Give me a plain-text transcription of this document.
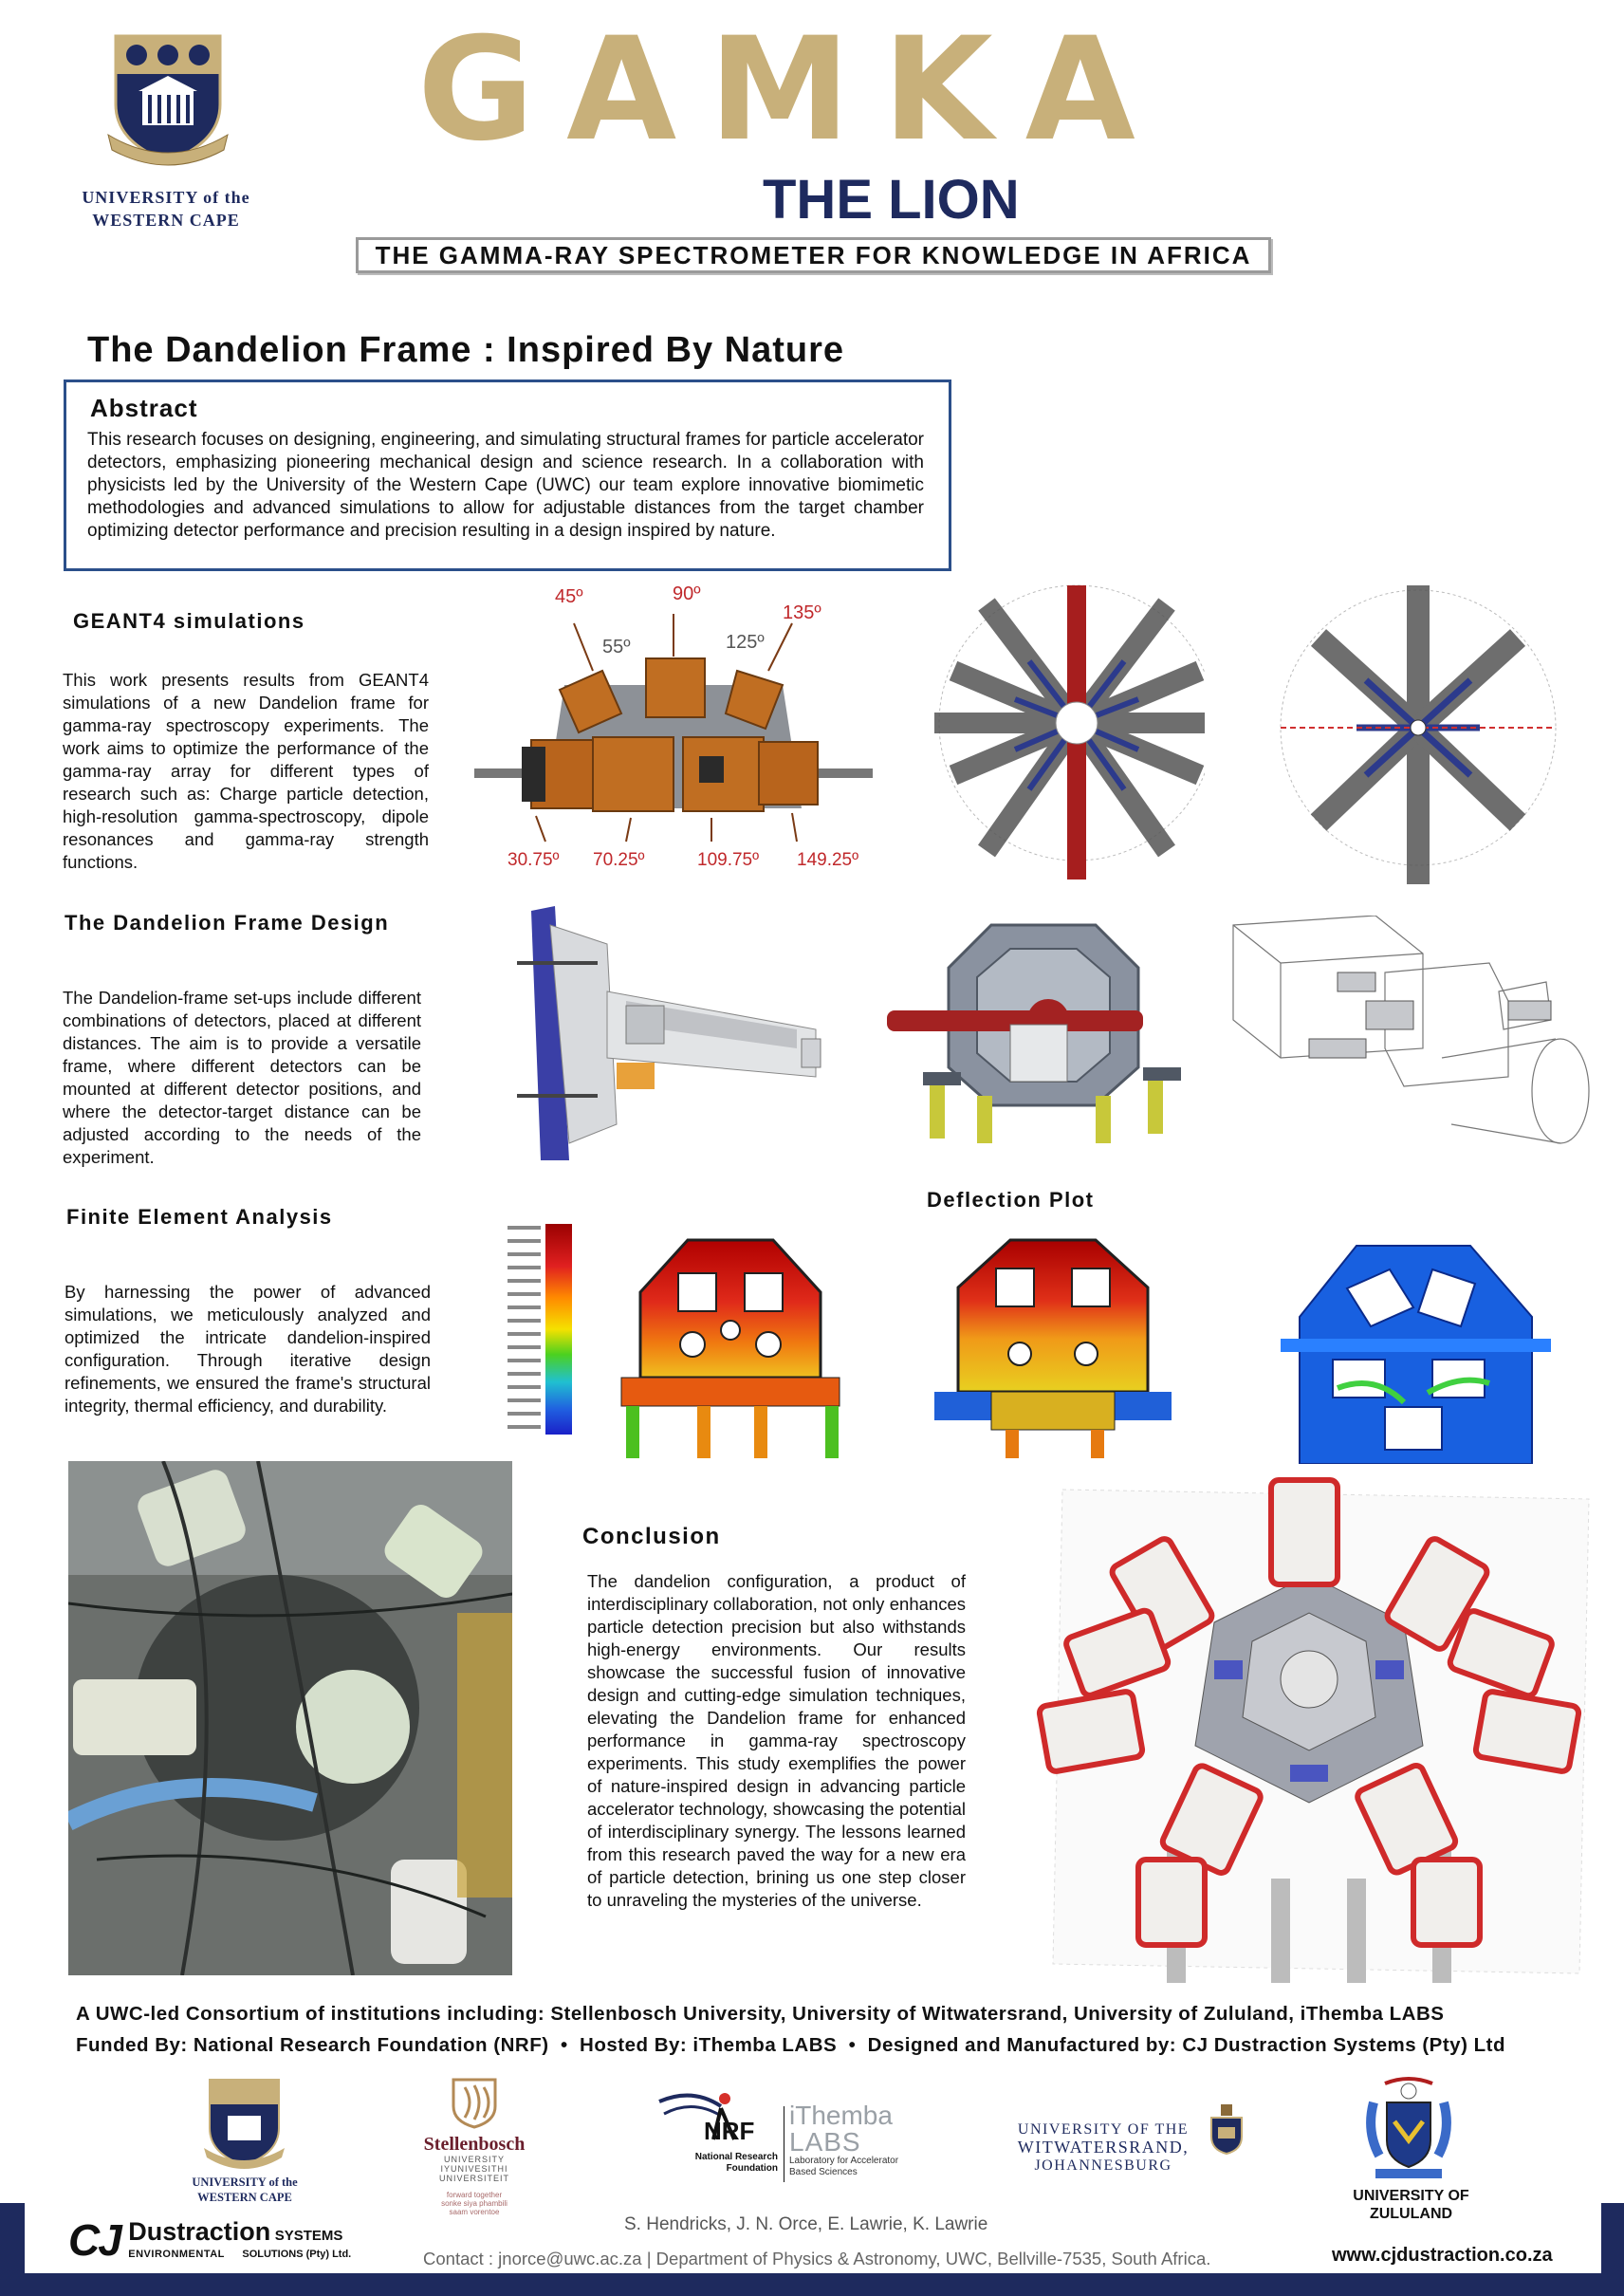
UNIVERSITY of the
WESTERN CAPE
GAMKA
THE LION
THE GAMMA-RAY SPECTROMETER FOR KNOWLEDGE IN AFRICA
The Dandelion Frame : Inspired By Nature
Abstract

This research focuses on designing, engineering, and simulating structural frames for particle accelerator detectors, emphasizing pioneering mechanical design and science research. In a collaboration with physicists led by the University of the Western Cape (UWC) our team explore innovative biomimetic methodologies and advanced simulations to allow for adjustable distances from the target chamber optimizing detector performance and precision resulting in a design inspired by nature.

GEANT4 simulations
This work presents results from GEANT4 simulations of a new Dandelion frame for gamma-ray spectroscopy experiments. The work aims to optimize the performance of the gamma-ray array for different types of research such as: Charge particle detection, high-resolution gamma-spectroscopy, dipole resonances and gamma-ray strength functions.
45º	90º
135º
55º	125º
30.75º 70.25º	109.75º 149.25º
The Dandelion Frame Design
The Dandelion-frame set-ups include different combinations of detectors, placed at different distances. The aim is to provide a versatile frame, where different detectors can be mounted at different detector positions, and where the detector-target distance can be adjusted according to the needs of the experiment.
Finite Element Analysis
By harnessing the power of advanced simulations, we meticulously analyzed and optimized the intricate dandelion-inspired configuration. Through iterative design refinements, we ensured the frame's structural integrity, thermal efficiency, and durability.
Deflection Plot
Conclusion
The dandelion configuration, a product of interdisciplinary collaboration, not only enhances particle detection precision but also withstands high-energy environments. Our results showcase the successful fusion of innovative design and cutting-edge simulation techniques, elevating the Dandelion frame for enhanced performance in gamma-ray spectroscopy experiments. This study exemplifies the power of nature-inspired design in advancing particle accelerator technology, showcasing the potential of interdisciplinary synergy. The lessons learned from this research paved the way for a new era of particle detection, brining us one step closer to unraveling the mysteries of the universe.
A UWC-led Consortium of institutions including: Stellenbosch University, University of Witwatersrand, University of Zululand, iThemba LABS
Funded By: National Research Foundation (NRF)  •  Hosted By: iThemba LABS  •  Designed and Manufactured by: CJ Dustraction Systems (Pty) Ltd
UNIVERSITY of the
WESTERN CAPE
Stellenbosch
UNIVERSITY
IYUNIVESITHI
UNIVERSITEIT
forward together
sonke siya phambili
saam vorentoe
NRF
National Research
Foundation
iThemba
LABS
Laboratory for Accelerator
Based Sciences
UNIVERSITY OF THE
WITWATERSRAND,
JOHANNESBURG
UNIVERSITY OF
ZULULAND
CJ Dustraction SYSTEMS
ENVIRONMENTAL SOLUTIONS (Pty) Ltd.
S. Hendricks, J. N. Orce, E. Lawrie, K. Lawrie
Contact : jnorce@uwc.ac.za | Department of Physics & Astronomy, UWC, Bellville-7535, South Africa.	www.cjdustraction.co.za
